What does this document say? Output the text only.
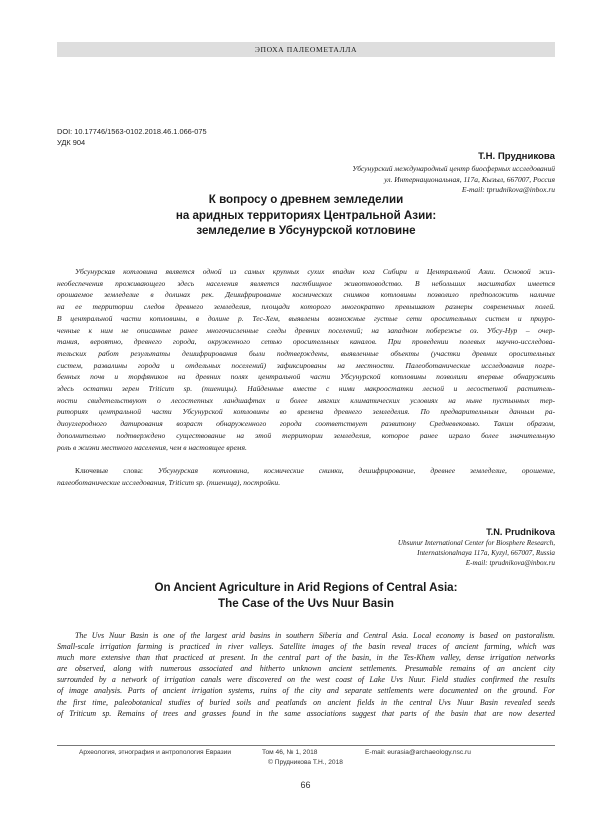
ЭПОХА ПАЛЕОМЕТАЛЛА
DOI: 10.17746/1563-0102.2018.46.1.066-075
УДК 904
Т.Н. Прудникова
Убсунурский международный центр биосферных исследований
ул. Интернациональная, 117а, Кызыл, 667007, Россия
E-mail: tprudnikova@inbox.ru
К вопросу о древнем земледелии
на аридных территориях Центральной Азии:
земледелие в Убсунурской котловине
Убсунурская котловина является одной из самых крупных сухих впадин юга Сибири и Центральной Азии. Основой жиз-
необеспечения проживающего здесь населения является пастбищное животноводство. В небольших масштабах имеется
орошаемое земледелие в долинах рек. Дешифрирование космических снимков котловины позволило предположить наличие
на ее территории следов древнего земледелия, площади которого многократно превышают размеры современных полей.
В центральной части котловины, в долине р. Тес-Хем, выявлены возможные густые сети оросительных систем и приуро-
ченные к ним не описанные ранее многочисленные следы древних поселений; на западном побережье оз. Убсу-Нур – очер-
тания, вероятно, древнего города, окруженного сетью оросительных каналов. При проведении полевых научно-исследова-
тельских работ результаты дешифрирования были подтверждены, выявленные объекты (участки древних оросительных
систем, развалины города и отдельных поселений) зафиксированы на местности. Палеоботанические исследования погре-
бенных почв и торфяников на древних полях центральной части Убсунурской котловины позволили впервые обнаружить
здесь остатки зерен Triticum sp. (пшеницы). Найденные вместе с ними макроостатки лесной и лесостепной раститель-
ности свидетельствуют о лесостепных ландшафтах и более мягких климатических условиях на ныне пустынных тер-
риториях центральной части Убсунурской котловины во времена древнего земледелия. По предварительным данным ра-
диоуглеродного датирования возраст обнаруженного города соответствует развитому Средневековью. Таким образом,
дополнительно подтверждено существование на этой территории земледелия, которое ранее играло более значительную
роль в жизни местного населения, чем в настоящее время.
Ключевые слова: Убсунурская котловина, космические снимки, дешифрирование, древнее земледелие, орошение,
палеоботанические исследования, Triticum sp. (пшеница), постройки.
T.N. Prudnikova
Ubsunur International Center for Biosphere Research,
Internatsionalnaya 117a, Kyzyl, 667007, Russia
E-mail: tprudnikova@inbox.ru
On Ancient Agriculture in Arid Regions of Central Asia:
The Case of the Uvs Nuur Basin
The Uvs Nuur Basin is one of the largest arid basins in southern Siberia and Central Asia. Local economy is based on pastoralism.
Small-scale irrigation farming is practiced in river valleys. Satellite images of the basin reveal traces of ancient farming, which was
much more extensive than that practiced at present. In the central part of the basin, in the Tes-Khem valley, dense irrigation networks
are observed, along with numerous associated and hitherto unknown ancient settlements. Presumable remains of an ancient city
surrounded by a network of irrigation canals were discovered on the west coast of Lake Uvs Nuur. Field studies confirmed the results
of image analysis. Parts of ancient irrigation systems, ruins of the city and separate settlements were documented on the ground. For
the first time, paleobotanical studies of buried soils and peatlands on ancient fields in the central Uvs Nuur Basin revealed seeds
of Triticum sp. Remains of trees and grasses found in the same associations suggest that parts of the basin that are now deserted
Археология, этнография и антропология Евразии	Том 46, № 1, 2018	E-mail: eurasia@archaeology.nsc.ru
© Прудникова Т.Н., 2018
66
